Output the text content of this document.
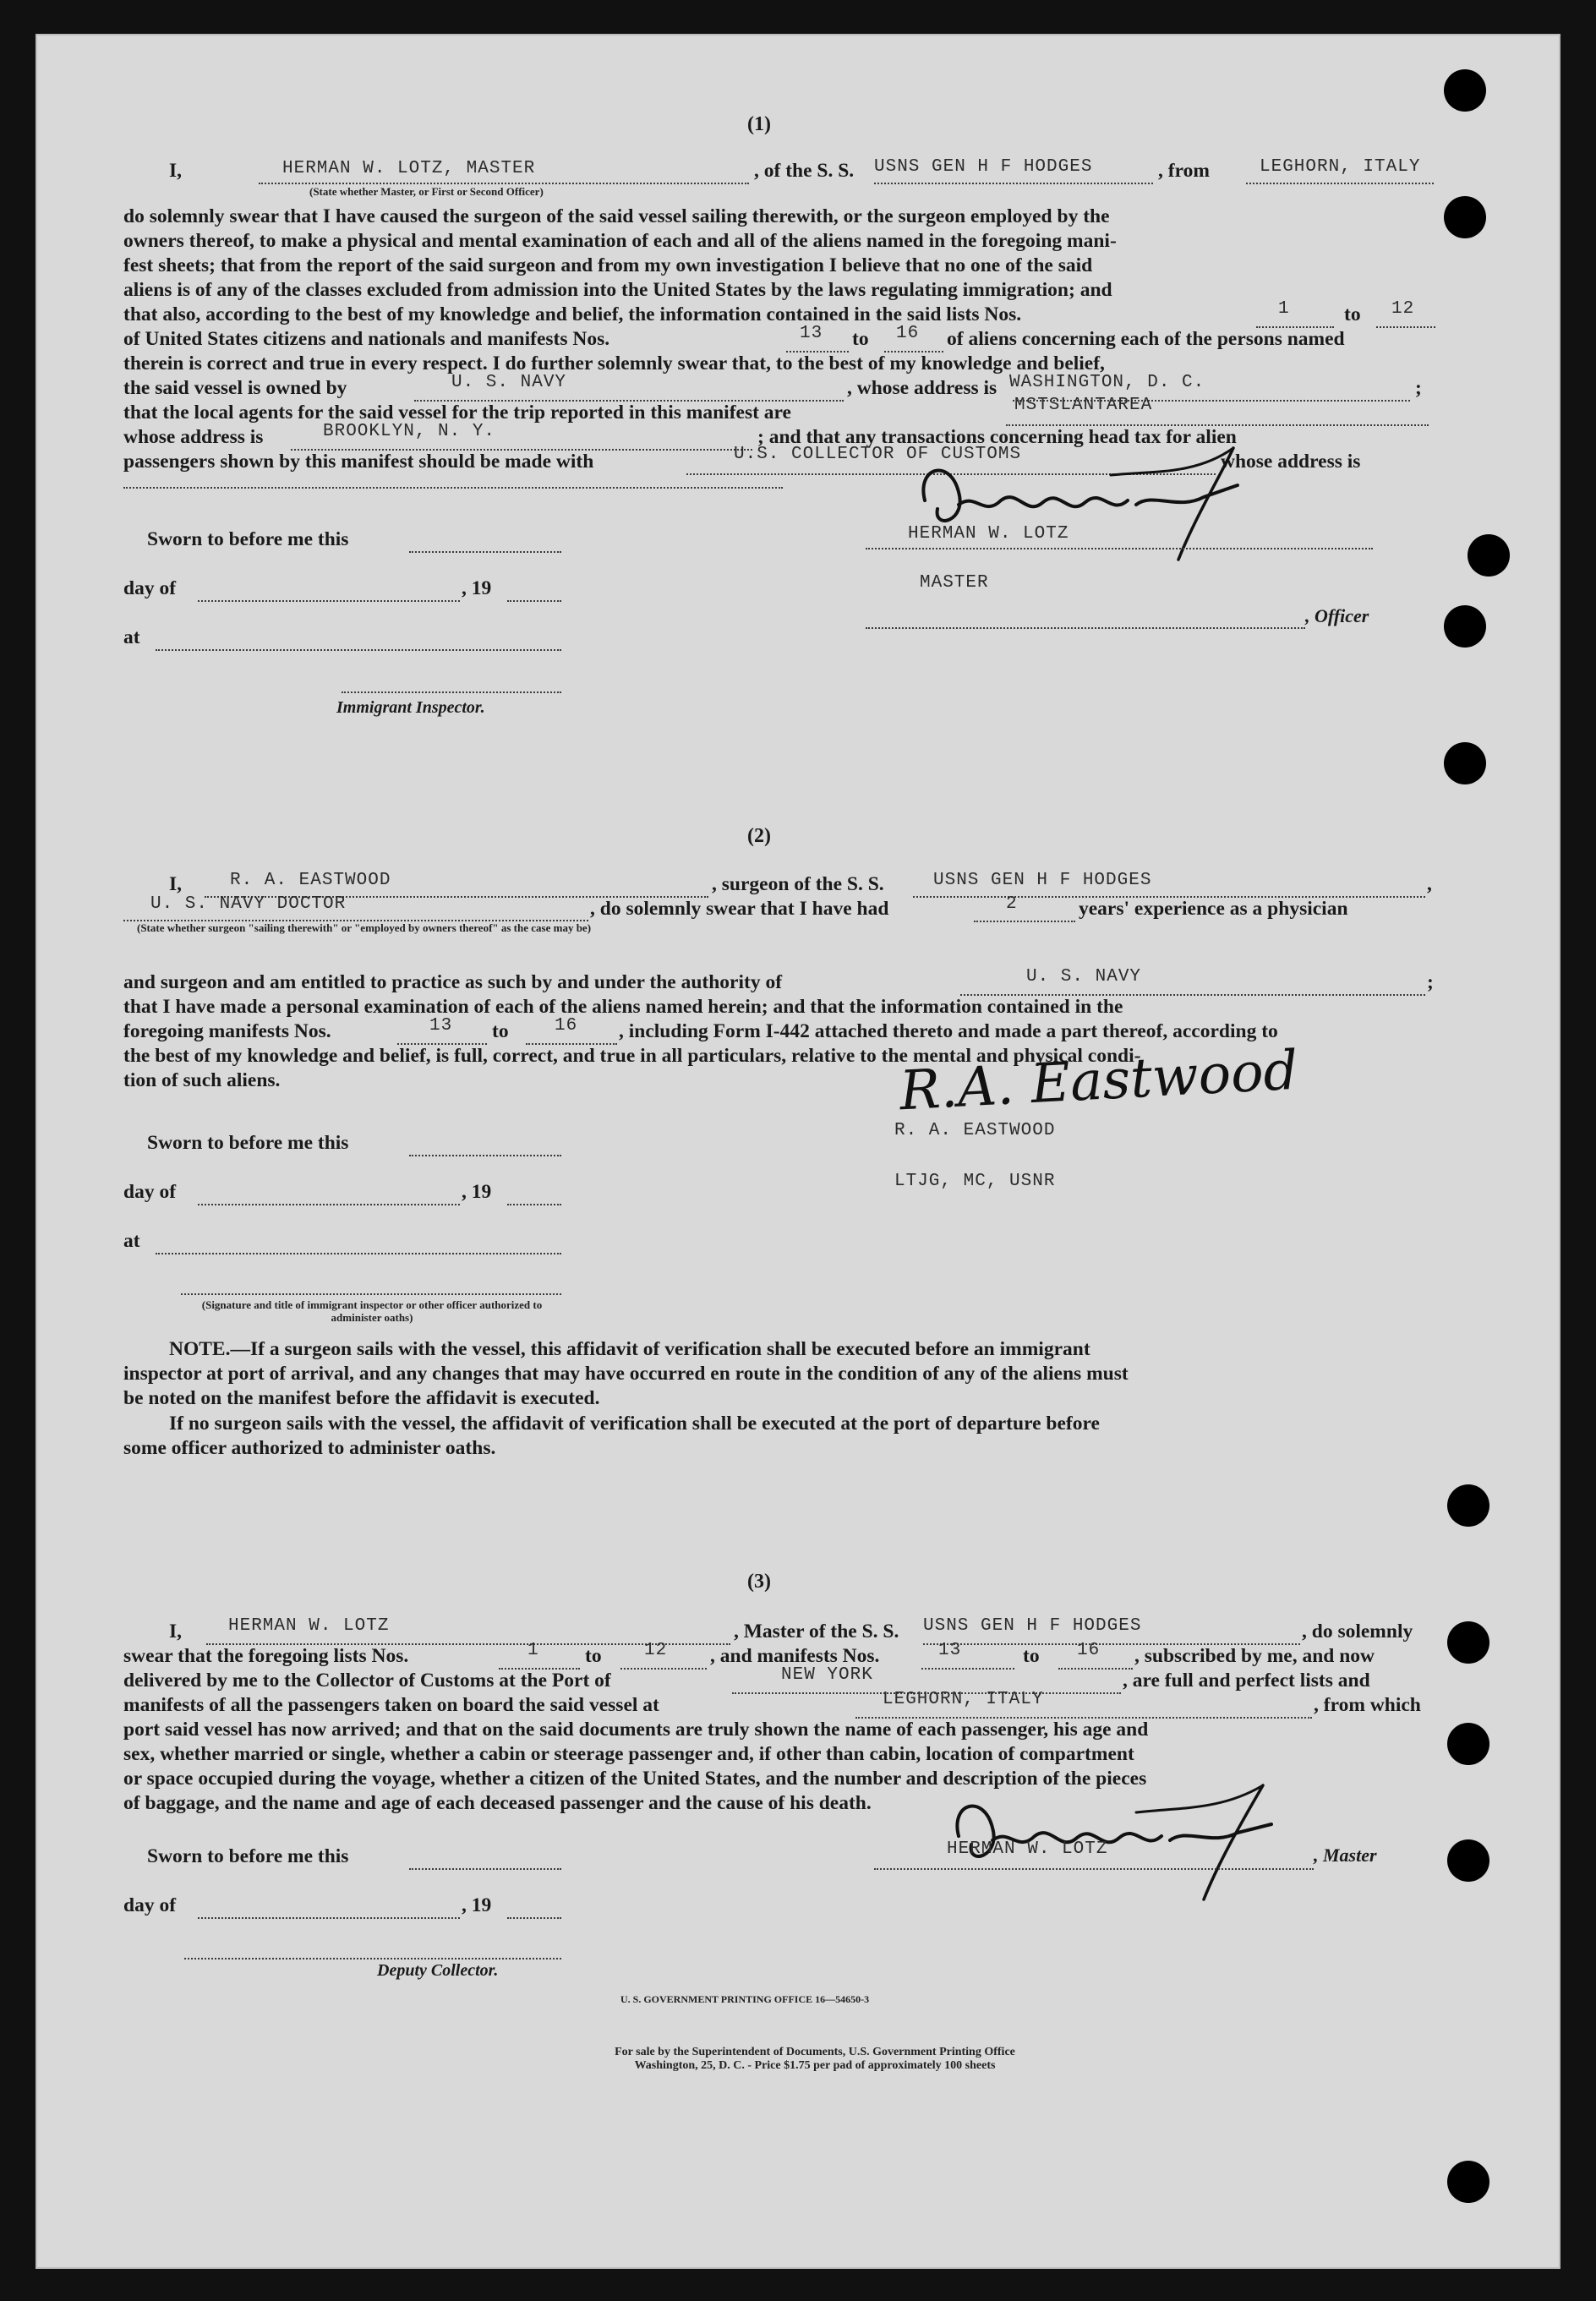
(1)
I,	HERMAN W. LOTZ, MASTER	, of the S. S. USNS GEN H F HODGES	, from	LEGHORN, ITALY
(State whether Master, or First or Second Officer)
do solemnly swear that I have caused the surgeon of the said vessel sailing therewith, or the surgeon employed by the
owners thereof, to make a physical and mental examination of each and all of the aliens named in the foregoing mani-
fest sheets; that from the report of the said surgeon and from my own investigation I believe that no one of the said
aliens is of any of the classes excluded from admission into the United States by the laws regulating immigration; and
that also, according to the best of my knowledge and belief, the information contained in the said lists Nos.	1	to 12
of United States citizens and nationals and manifests Nos.	13 to 16 of aliens concerning each of the persons named
therein is correct and true in every respect. I do further solemnly swear that, to the best of my knowledge and belief,
the said vessel is owned by	U. S. NAVY	, whose address is WASHINGTON, D. C.	;
that the local agents for the said vessel for the trip reported in this manifest are	MSTSLANTAREA
whose address is	BROOKLYN, N. Y.	; and that any transactions concerning head tax for alien
passengers shown by this manifest should be made with	U.S. COLLECTOR OF CUSTOMS	whose address is
Sworn to before me this	HERMAN W. LOTZ
day of	, 19	MASTER
, Officer
at
Immigrant Inspector.
(2)
I,	R. A. EASTWOOD	, surgeon of the S. S.	USNS GEN H F HODGES	,
U. S. NAVY DOCTOR	, do solemnly swear that I have had	2	years' experience as a physician
(State whether surgeon "sailing therewith" or "employed by owners thereof" as the case may be)
and surgeon and am entitled to practice as such by and under the authority of	U. S. NAVY	;
that I have made a personal examination of each of the aliens named herein; and that the information contained in the
foregoing manifests Nos.	13 to	16 , including Form I-442 attached thereto and made a part thereof, according to
the best of my knowledge and belief, is full, correct, and true in all particulars, relative to the mental and physical condi-
tion of such aliens.	R.A. Eastwood
Sworn to before me this
R. A. EASTWOOD
day of	, 19	LTJG, MC, USNR
at
(Signature and title of immigrant inspector or other officer authorized to administer oaths)
NOTE.—If a surgeon sails with the vessel, this affidavit of verification shall be executed before an immigrant
inspector at port of arrival, and any changes that may have occurred en route in the condition of any of the aliens must
be noted on the manifest before the affidavit is executed.
If no surgeon sails with the vessel, the affidavit of verification shall be executed at the port of departure before
some officer authorized to administer oaths.
(3)
I,	HERMAN W. LOTZ	, Master of the S. S. USNS GEN H F HODGES	, do solemnly
swear that the foregoing lists Nos.	1 to 12 , and manifests Nos.	13	to 16 , subscribed by me, and now
delivered by me to the Collector of Customs at the Port of	NEW YORK	, are full and perfect lists and
manifests of all the passengers taken on board the said vessel at	LEGHORN, ITALY	, from which
port said vessel has now arrived; and that on the said documents are truly shown the name of each passenger, his age and
sex, whether married or single, whether a cabin or steerage passenger and, if other than cabin, location of compartment
or space occupied during the voyage, whether a citizen of the United States, and the number and description of the pieces
of baggage, and the name and age of each deceased passenger and the cause of his death.
Sworn to before me this	HERMAN W. LOTZ	, Master
day of	, 19
Deputy Collector.
U. S. GOVERNMENT PRINTING OFFICE 16—54650-3
For sale by the Superintendent of Documents, U.S. Government Printing Office
Washington, 25, D. C. - Price $1.75 per pad of approximately 100 sheets
